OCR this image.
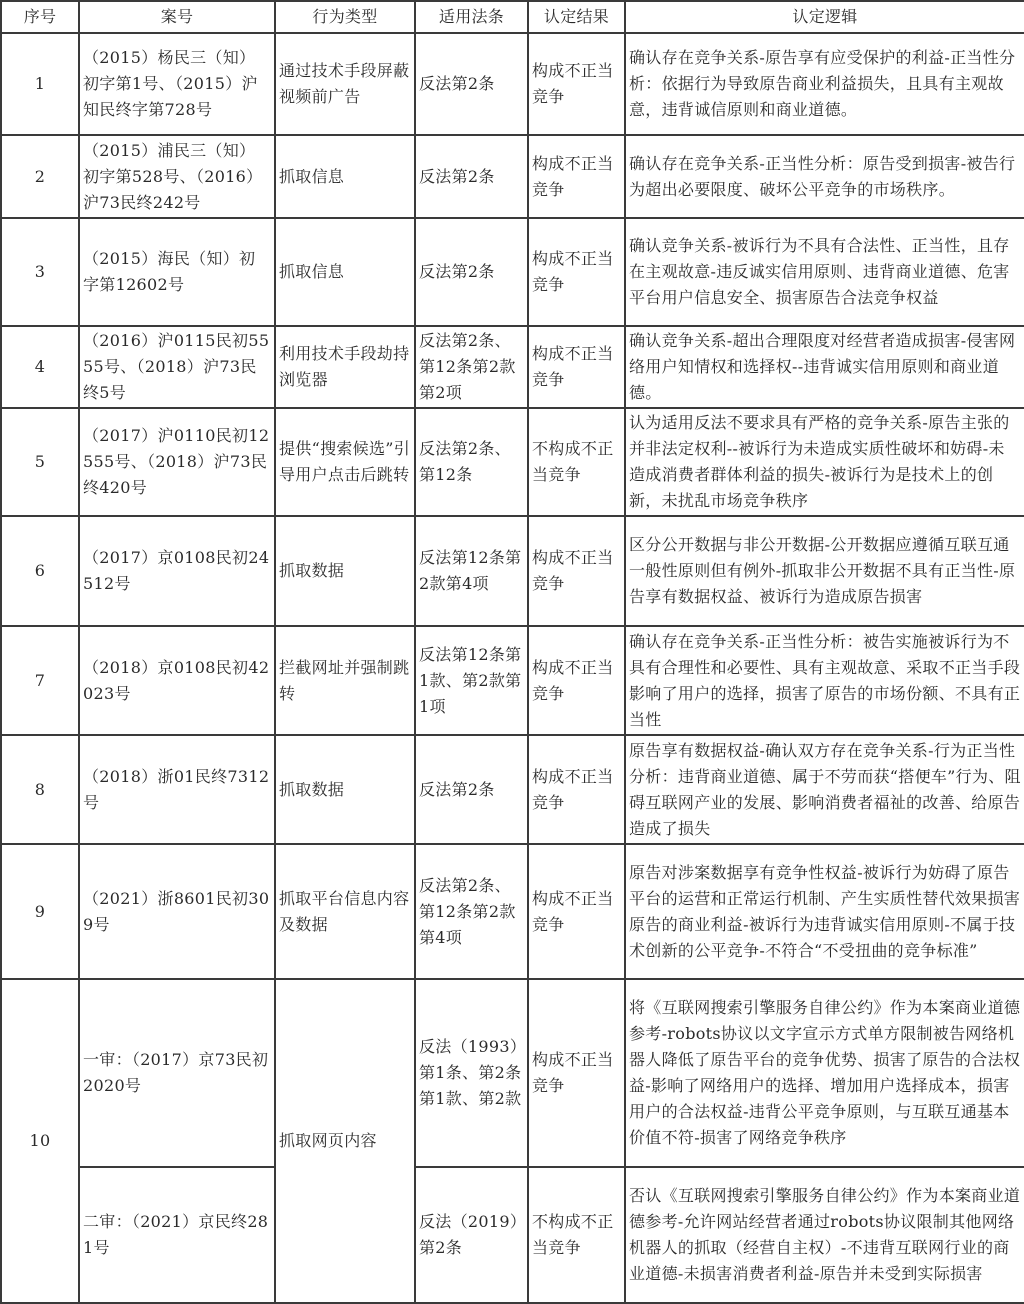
序号	案号	行为类型	适用法条	认定结果	认定逻辑
1	（2015）杨民三（知）初字第1号、（2015）沪知民终字第728号	通过技术手段屏蔽视频前广告	反法第2条	构成不正当竞争	确认存在竞争关系-原告享有应受保护的利益-正当性分析：依据行为导致原告商业利益损失，且具有主观故意，违背诚信原则和商业道德。
2	（2015）浦民三（知）初字第528号、（2016）沪73民终242号	抓取信息	反法第2条	构成不正当竞争	确认存在竞争关系-正当性分析：原告受到损害-被告行为超出必要限度、破坏公平竞争的市场秩序。
3	（2015）海民（知）初字第12602号	抓取信息	反法第2条	构成不正当竞争	确认竞争关系-被诉行为不具有合法性、正当性，且存在主观故意-违反诚实信用原则、违背商业道德、危害平台用户信息安全、损害原告合法竞争权益
4	（2016）沪0115民初5555号、（2018）沪73民终5号	利用技术手段劫持浏览器	反法第2条、第12条第2款第2项	构成不正当竞争	确认竞争关系-超出合理限度对经营者造成损害-侵害网络用户知情权和选择权--违背诚实信用原则和商业道德。
5	（2017）沪0110民初12555号、（2018）沪73民终420号	提供“搜索候选”引导用户点击后跳转	反法第2条、第12条	不构成不正当竞争	认为适用反法不要求具有严格的竞争关系-原告主张的并非法定权利--被诉行为未造成实质性破坏和妨碍-未造成消费者群体利益的损失-被诉行为是技术上的创新，未扰乱市场竞争秩序
6	（2017）京0108民初24512号	抓取数据	反法第12条第2款第4项	构成不正当竞争	区分公开数据与非公开数据-公开数据应遵循互联互通一般性原则但有例外-抓取非公开数据不具有正当性-原告享有数据权益、被诉行为造成原告损害
7	（2018）京0108民初42023号	拦截网址并强制跳转	反法第12条第1款、第2款第1项	构成不正当竞争	确认存在竞争关系-正当性分析：被告实施被诉行为不具有合理性和必要性、具有主观故意、采取不正当手段影响了用户的选择，损害了原告的市场份额、不具有正当性
8	（2018）浙01民终7312号	抓取数据	反法第2条	构成不正当竞争	原告享有数据权益-确认双方存在竞争关系-行为正当性分析：违背商业道德、属于不劳而获“搭便车”行为、阻碍互联网产业的发展、影响消费者福祉的改善、给原告造成了损失
9	（2021）浙8601民初309号	抓取平台信息内容及数据	反法第2条、第12条第2款第4项	构成不正当竞争	原告对涉案数据享有竞争性权益-被诉行为妨碍了原告平台的运营和正常运行机制、产生实质性替代效果损害原告的商业利益-被诉行为违背诚实信用原则-不属于技术创新的公平竞争-不符合“不受扭曲的竞争标准”
10	一审：（2017）京73民初2020号	抓取网页内容	反法（1993）第1条、第2条第1款、第2款	构成不正当竞争	将《互联网搜索引擎服务自律公约》作为本案商业道德参考-robots协议以文字宣示方式单方限制被告网络机器人降低了原告平台的竞争优势、损害了原告的合法权益-影响了网络用户的选择、增加用户选择成本，损害用户的合法权益-违背公平竞争原则，与互联互通基本价值不符-损害了网络竞争秩序
	二审：（2021）京民终281号		反法（2019）第2条	不构成不正当竞争	否认《互联网搜索引擎服务自律公约》作为本案商业道德参考-允许网站经营者通过robots协议限制其他网络机器人的抓取（经营自主权）-不违背互联网行业的商业道德-未损害消费者利益-原告并未受到实际损害
